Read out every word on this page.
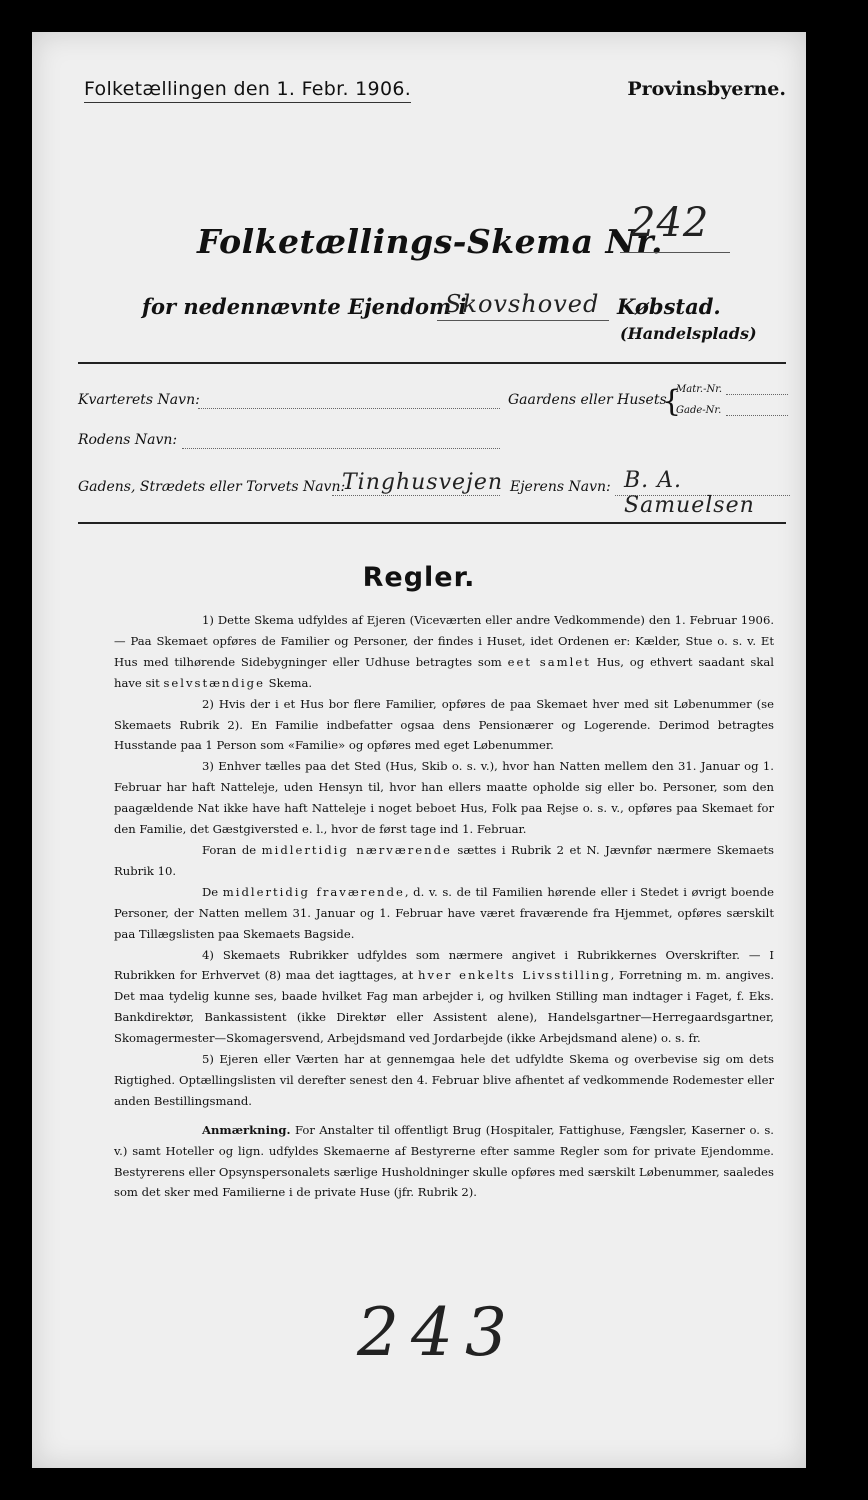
Folketællingen den 1. Febr. 1906.	Provinsbyerne.
Folketællings-Skema Nr.
242
for nedennævnte Ejendom i
Skovshoved Købstad.
(Handelsplads)
Kvarterets Navn:	Gaardens eller Husets
{
Matr.-Nr.
Gade-Nr.
Rodens Navn:
Gadens, Strædets eller Torvets Navn:
Tinghusvejen Ejerens Navn: B. A. Samuelsen
Regler.

1) Dette Skema udfyldes af Ejeren (Viceværten eller andre Vedkommende) den 1. Februar 1906. — Paa Skemaet opføres de Familier og Personer, der findes i Huset, idet Ordenen er: Kælder, Stue o. s. v. Et Hus med tilhørende Sidebygninger eller Udhuse betragtes som eet samlet Hus, og ethvert saadant skal have sit selvstændige Skema.

2) Hvis der i et Hus bor flere Familier, opføres de paa Skemaet hver med sit Løbenummer (se Skemaets Rubrik 2). En Familie indbefatter ogsaa dens Pensionærer og Logerende. Derimod betragtes Husstande paa 1 Person som «Familie» og opføres med eget Løbenummer.

3) Enhver tælles paa det Sted (Hus, Skib o. s. v.), hvor han Natten mellem den 31. Januar og 1. Februar har haft Natteleje, uden Hensyn til, hvor han ellers maatte opholde sig eller bo. Personer, som den paagældende Nat ikke have haft Natteleje i noget beboet Hus, Folk paa Rejse o. s. v., opføres paa Skemaet for den Familie, det Gæstgiversted e. l., hvor de først tage ind 1. Februar.

Foran de midlertidig nærværende sættes i Rubrik 2 et N. Jævnfør nærmere Skemaets Rubrik 10.

De midlertidig fraværende, d. v. s. de til Familien hørende eller i Stedet i øvrigt boende Personer, der Natten mellem 31. Januar og 1. Februar have været fraværende fra Hjemmet, opføres særskilt paa Tillægslisten paa Skemaets Bagside.

4) Skemaets Rubrikker udfyldes som nærmere angivet i Rubrikkernes Overskrifter. — I Rubrikken for Erhvervet (8) maa det iagttages, at hver enkelts Livsstilling, Forretning m. m. angives. Det maa tydelig kunne ses, baade hvilket Fag man arbejder i, og hvilken Stilling man indtager i Faget, f. Eks. Bankdirektør, Bankassistent (ikke Direktør eller Assistent alene), Handelsgartner—Herregaardsgartner, Skomagermester—Skomagersvend, Arbejdsmand ved Jordarbejde (ikke Arbejdsmand alene) o. s. fr.

5) Ejeren eller Værten har at gennemgaa hele det udfyldte Skema og overbevise sig om dets Rigtighed. Optællingslisten vil derefter senest den 4. Februar blive afhentet af vedkommende Rodemester eller anden Bestillingsmand.

Anmærkning. For Anstalter til offentligt Brug (Hospitaler, Fattighuse, Fængsler, Kaserner o. s. v.) samt Hoteller og lign. udfyldes Skemaerne af Bestyrerne efter samme Regler som for private Ejendomme. Bestyrerens eller Opsynspersonalets særlige Husholdninger skulle opføres med særskilt Løbenummer, saaledes som det sker med Familierne i de private Huse (jfr. Rubrik 2).

243
